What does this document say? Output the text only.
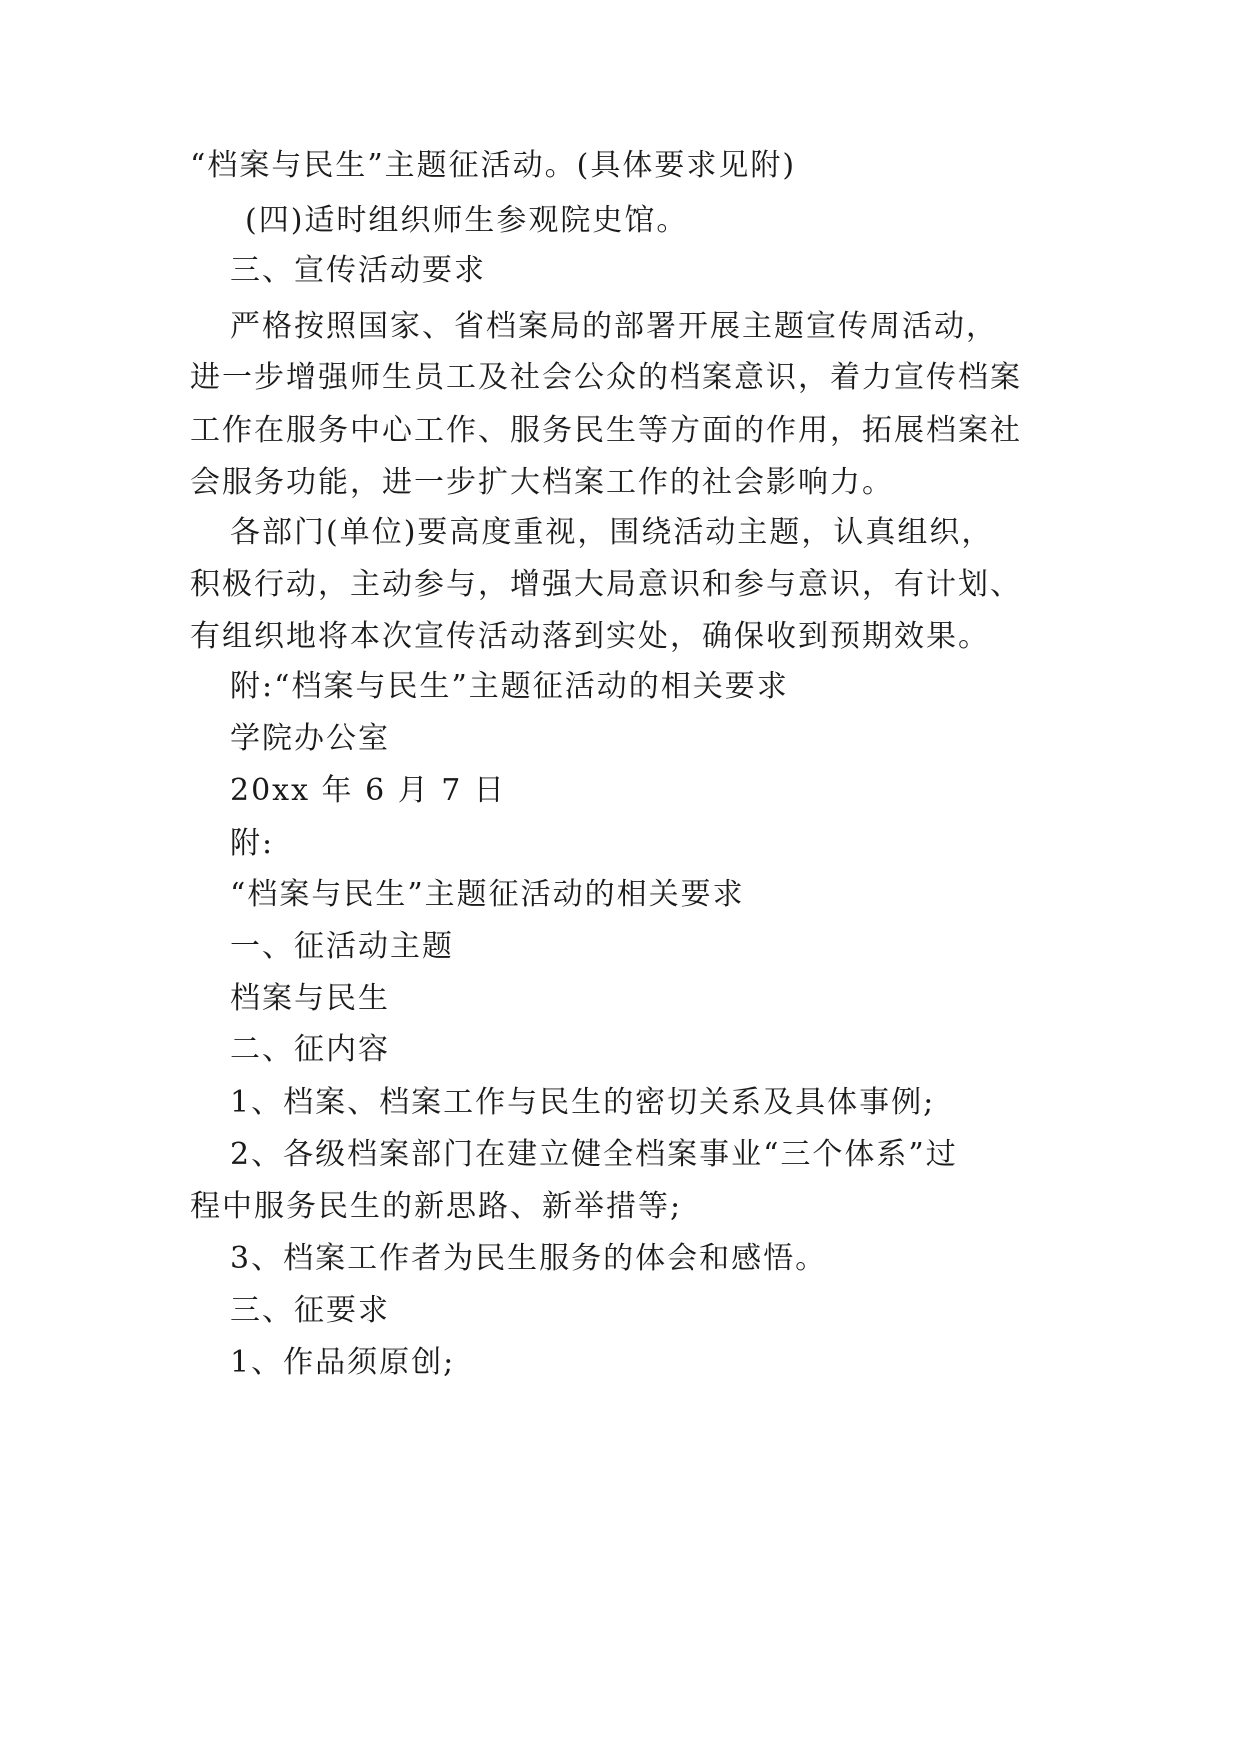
“档案与民生”主题征活动。(具体要求见附)
(四)适时组织师生参观院史馆。
三、宣传活动要求
严格按照国家、省档案局的部署开展主题宣传周活动，
进一步增强师生员工及社会公众的档案意识，着力宣传档案
工作在服务中心工作、服务民生等方面的作用，拓展档案社
会服务功能，进一步扩大档案工作的社会影响力。
各部门(单位)要高度重视，围绕活动主题，认真组织，
积极行动，主动参与，增强大局意识和参与意识，有计划、
有组织地将本次宣传活动落到实处，确保收到预期效果。
附:“档案与民生”主题征活动的相关要求
学院办公室
20xx 年 6 月 7 日
附:
“档案与民生”主题征活动的相关要求
一、征活动主题
档案与民生
二、征内容
1、档案、档案工作与民生的密切关系及具体事例;
2、各级档案部门在建立健全档案事业“三个体系”过
程中服务民生的新思路、新举措等;
3、档案工作者为民生服务的体会和感悟。
三、征要求
1、作品须原创;
